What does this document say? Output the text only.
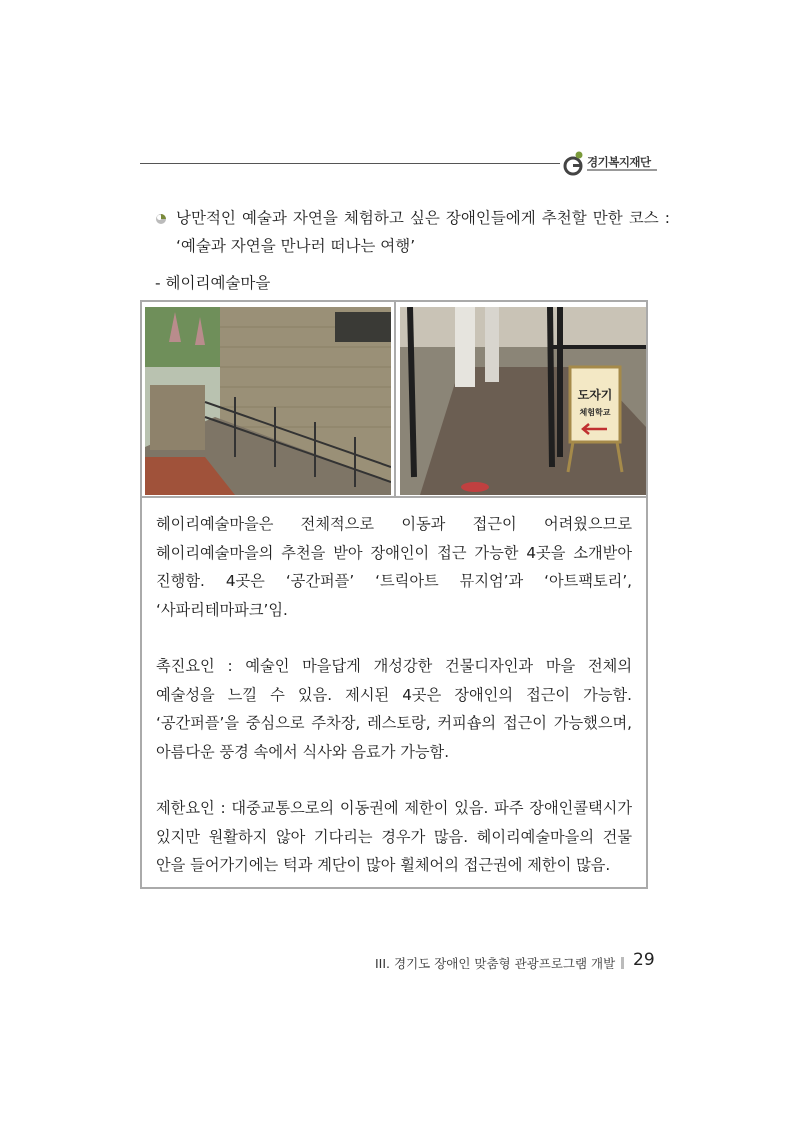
경기복지재단
낭만적인 예술과 자연을 체험하고 싶은 장애인들에게 추천할 만한 코스 : ‘예술과 자연을 만나러 떠나는 여행’
- 헤이리예술마을
도자기
체험학교

헤이리예술마을은 전체적으로 이동과 접근이 어려웠으므로 헤이리예술마을의 추천을 받아 장애인이 접근 가능한 4곳을 소개받아 진행함. 4곳은 ‘공간퍼플’ ‘트릭아트 뮤지엄’과 ‘아트팩토리’, ‘사파리테마파크’임.

촉진요인 : 예술인 마을답게 개성강한 건물디자인과 마을 전체의 예술성을 느낄 수 있음. 제시된 4곳은 장애인의 접근이 가능함. ‘공간퍼플’을 중심으로 주차장, 레스토랑, 커피숍의 접근이 가능했으며, 아름다운 풍경 속에서 식사와 음료가 가능함.

제한요인 : 대중교통으로의 이동권에 제한이 있음. 파주 장애인콜택시가 있지만 원활하지 않아 기다리는 경우가 많음. 헤이리예술마을의 건물 안을 들어가기에는 턱과 계단이 많아 휠체어의 접근권에 제한이 많음.

III. 경기도 장애인 맞춤형 관광프로그램 개발	29
